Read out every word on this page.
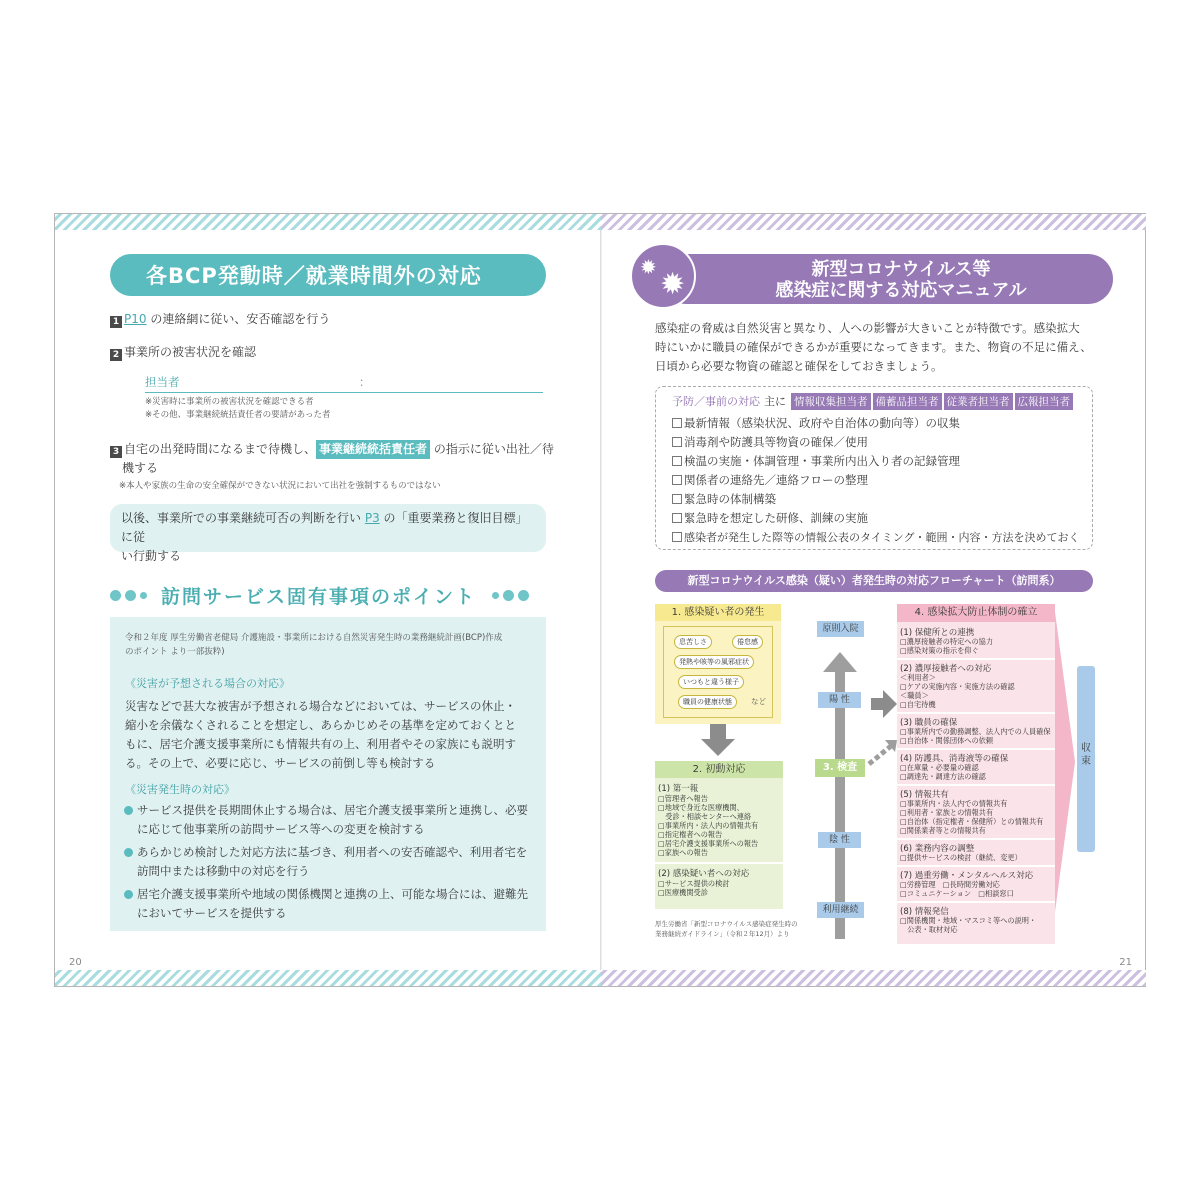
各BCP発動時／就業時間外の対応
1 P10 の連絡網に従い、安否確認を行う
2 事業所の被害状況を確認
担当者	：
※災害時に事業所の被害状況を確認できる者
※その他、事業継続統括責任者の要請があった者
3 自宅の出発時間になるまで待機し、 事業継続統括責任者 の指示に従い出社／待
機する
※本人や家族の生命の安全確保ができない状況において出社を強制するものではない
以後、事業所での事業継続可否の判断を行い P3 の「重要業務と復旧目標」に従
い行動する
訪問サービス固有事項のポイント
令和２年度 厚生労働省老健局 介護施設・事業所における自然災害発生時の業務継続計画(BCP)作成
のポイント より一部抜粋)
《災害が予想される場合の対応》
災害などで甚大な被害が予想される場合などにおいては、サービスの休止・
縮小を余儀なくされることを想定し、あらかじめその基準を定めておくとと
もに、居宅介護支援事業所にも情報共有の上、利用者やその家族にも説明す
る。その上で、必要に応じ、サービスの前倒し等も検討する
《災害発生時の対応》
サービス提供を長期間休止する場合は、居宅介護支援事業所と連携し、必要
に応じて他事業所の訪問サービス等への変更を検討する
あらかじめ検討した対応方法に基づき、利用者への安否確認や、利用者宅を
訪問中または移動中の対応を行う
居宅介護支援事業所や地域の関係機関と連携の上、可能な場合には、避難先
においてサービスを提供する
20
新型コロナウイルス等
感染症に関する対応マニュアル
✹ ✹
感染症の脅威は自然災害と異なり、人への影響が大きいことが特徴です。感染拡大
時にいかに職員の確保ができるかが重要になってきます。また、物資の不足に備え、
日頃から必要な物資の確認と確保をしておきましょう。
予防／事前の対応 主に 情報収集担当者 備蓄品担当者 従業者担当者 広報担当者
最新情報（感染状況、政府や自治体の動向等）の収集
消毒剤や防護具等物資の確保／使用
検温の実施・体調管理・事業所内出入り者の記録管理
関係者の連絡先／連絡フローの整理
緊急時の体制構築
緊急時を想定した研修、訓練の実施
感染者が発生した際等の情報公表のタイミング・範囲・内容・方法を決めておく
新型コロナウイルス感染（疑い）者発生時の対応フローチャート（訪問系）
1. 感染疑い者の発生
息苦しさ	倦怠感
発熱や咳等の風邪症状
いつもと違う様子
職員の健康状態	など
2. 初動対応
(1) 第一報
□管理者へ報告
□地域で身近な医療機関、
　受診・相談センターへ連絡
□事業所内・法人内の情報共有
□指定権者への報告
□居宅介護支援事業所への報告
□家族への報告
(2) 感染疑い者への対応
□サービス提供の検討
□医療機関受診
原則入院
陽 性
3. 検査
陰 性
利用継続
4. 感染拡大防止体制の確立
(1) 保健所との連携
□濃厚接触者の特定への協力
□感染対策の指示を仰ぐ
(2) 濃厚接触者への対応
＜利用者＞
□ケアの実施内容・実施方法の確認
＜職員＞
□自宅待機
(3) 職員の確保
□事業所内での勤務調整、法人内での人員確保
□自治体・関係団体への依頼
(4) 防護具、消毒液等の確保
□在庫量・必要量の確認
□調達先・調達方法の確認
(5) 情報共有
□事業所内・法人内での情報共有
□利用者・家族との情報共有
□自治体（指定権者・保健所）との情報共有
□関係業者等との情報共有
(6) 業務内容の調整
□提供サービスの検討（継続、変更）
(7) 過重労働・メンタルヘルス対応
□労務管理　□長時間労働対応
□コミュニケーション　□相談窓口
(8) 情報発信
□関係機関・地域・マスコミ等への説明・
　公表・取材対応
収 束
厚生労働省「新型コロナウイルス感染症発生時の
業務継続ガイドライン」（令和２年12月）より
21
